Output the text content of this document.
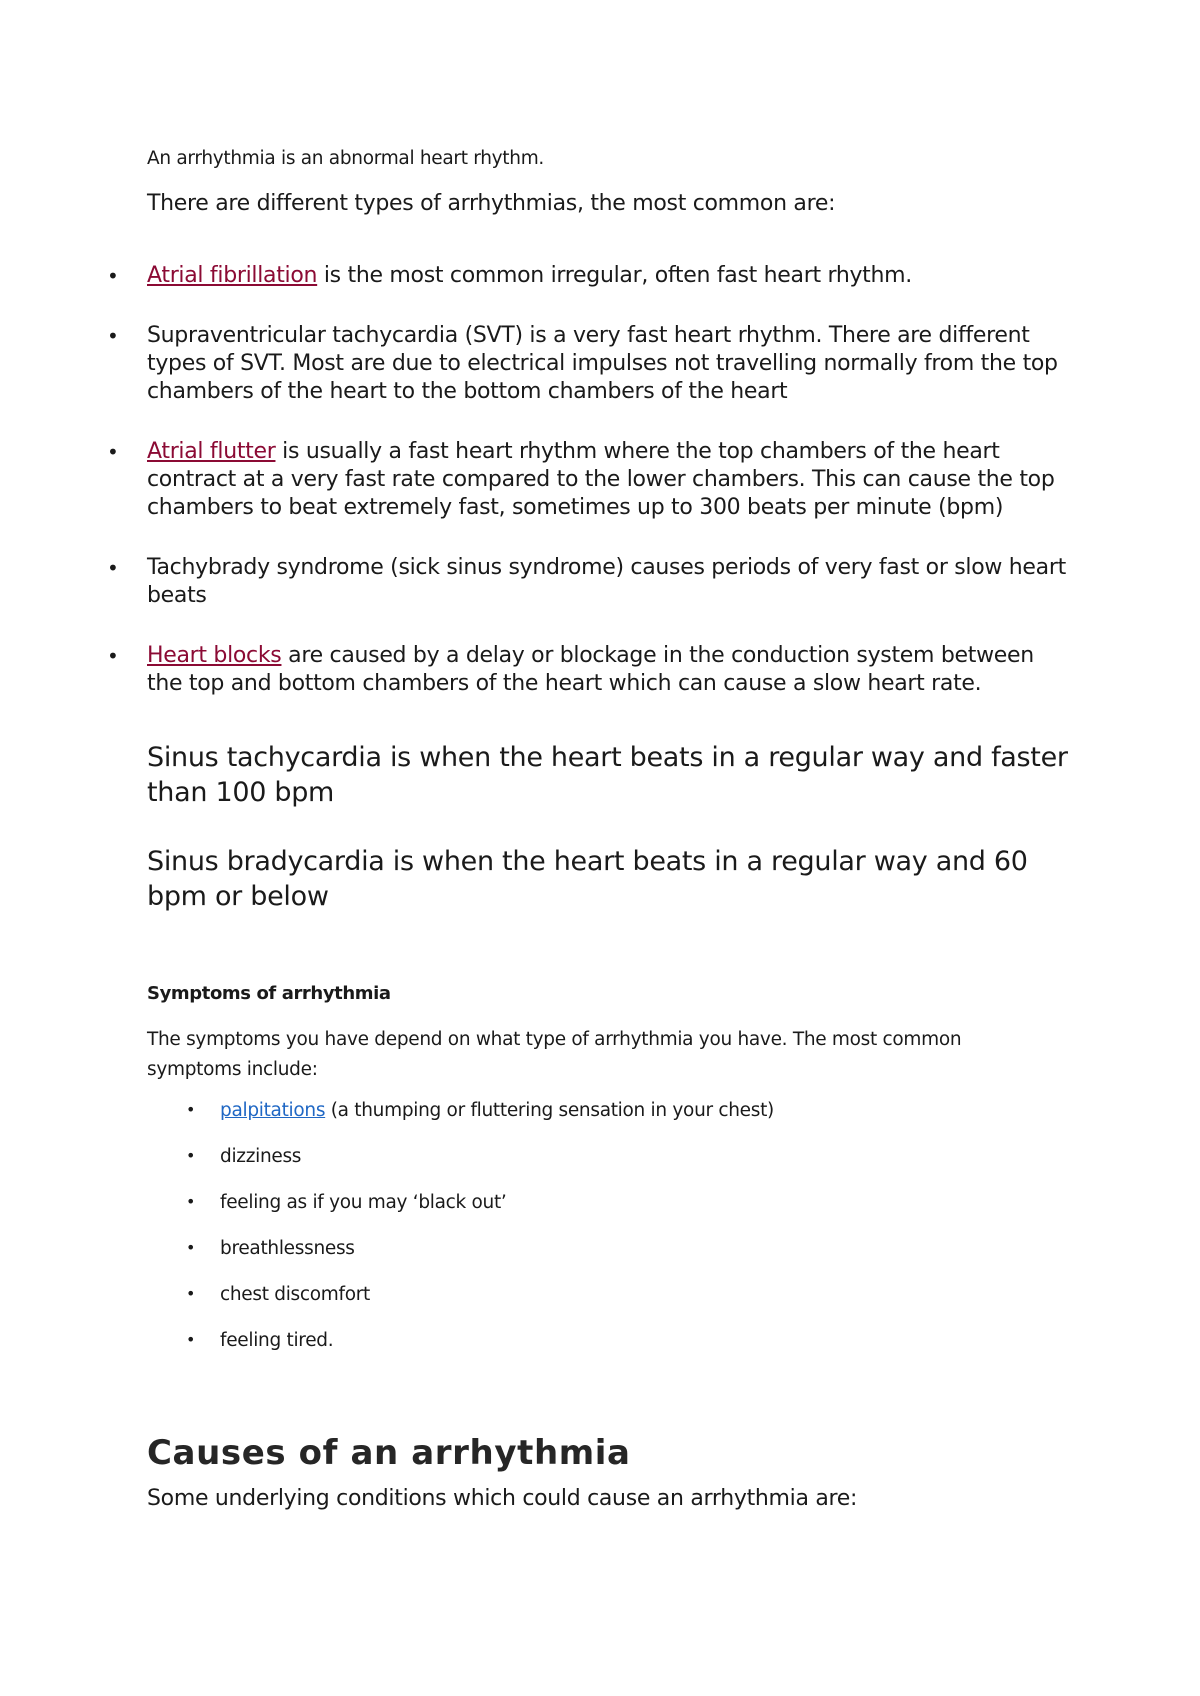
An arrhythmia is an abnormal heart rhythm.

There are different types of arrhythmias, the most common are:

• Atrial fibrillation is the most common irregular, often fast heart rhythm.
• Supraventricular tachycardia (SVT) is a very fast heart rhythm. There are different types of SVT. Most are due to electrical impulses not travelling normally from the top chambers of the heart to the bottom chambers of the heart
• Atrial flutter is usually a fast heart rhythm where the top chambers of the heart contract at a very fast rate compared to the lower chambers. This can cause the top chambers to beat extremely fast, sometimes up to 300 beats per minute (bpm)
• Tachybrady syndrome (sick sinus syndrome) causes periods of very fast or slow heart beats
• Heart blocks are caused by a delay or blockage in the conduction system between the top and bottom chambers of the heart which can cause a slow heart rate.

Sinus tachycardia is when the heart beats in a regular way and faster than 100 bpm

Sinus bradycardia is when the heart beats in a regular way and 60 bpm or below

Symptoms of arrhythmia

The symptoms you have depend on what type of arrhythmia you have. The most common symptoms include:

• palpitations (a thumping or fluttering sensation in your chest)
• dizziness
• feeling as if you may ‘black out’
• breathlessness
• chest discomfort
• feeling tired.
Causes of an arrhythmia

Some underlying conditions which could cause an arrhythmia are:
